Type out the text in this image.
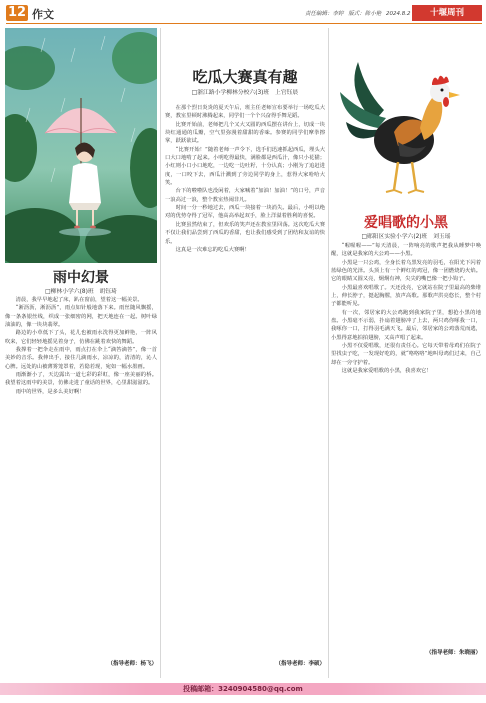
12 作文	责任编辑：李婷 版式：陈小艳 2024.8.2	十堰周刊
雨中幻景
□柳林小学六(8)班　胡钰琦

清晨，我早早地起了床，趴在窗前，望着这一幅美景。

“淅沥沥，淅沥沥”，雨点如针般地落下来。雨丝随风飘摇，像一条条银丝线，织成一张细密的网，把天地连在一起。树叶绿油油的，像一块块翡翠。

路边的小草低下了头，花儿也被雨水洗得更加鲜艳，一阵风吹来，它们轻轻地摇晃着身子，仿佛在跳着欢快的舞蹈。

我撑着一把伞走在雨中，雨点打在伞上“滴答滴答”，像一首美妙的音乐。我伸出手，接住几滴雨水，凉凉的，清清的，沁人心脾。远处的山被薄雾笼罩着，若隐若现，宛如一幅水墨画。

雨渐渐小了，天边露出一道七彩的彩虹，像一座美丽的桥。我望着这雨中的美景，仿佛走进了童话的世界，心里甜滋滋的。

雨中的世界，是多么美好啊！

（指导老师：杨飞）
吃瓜大赛真有趣
□浙江路小学柳林分校六(3)班　上官钰晨

在那个烈日炎炎的夏天午后，班主任老师宣布要举行一场吃瓜大赛，教室里顿时沸腾起来，同学们一个个兴奋得手舞足蹈。

比赛开始前，老师把几个又大又圆的西瓜摆在讲台上，切成一块块红通通的瓜瓣，空气里弥漫着甜甜的香味。参赛的同学们摩拳擦掌，跃跃欲试。

“比赛开始！”随着老师一声令下，选手们迅速抓起西瓜，埋头大口大口地啃了起来。小明吃得最快，满脸都是西瓜汁，像只小花猫；小红则小口小口地吃，一边吃一边吐籽，十分认真；小刚为了追赶进度，一口咬下去，西瓜汁溅到了旁边同学的身上，惹得大家哈哈大笑。

台下的啦啦队也没闲着，大家喊着“加油！加油！”的口号，声音一浪高过一浪，整个教室热闹非凡。

时间一分一秒地过去，西瓜一块接着一块消失。最后，小明以绝对的优势夺得了冠军，他高高举起双手，脸上洋溢着胜利的喜悦。

比赛虽然结束了，但欢乐的笑声还在教室里回荡。这次吃瓜大赛不仅让我们品尝到了西瓜的香甜，也让我们感受到了团结和友谊的快乐。

这真是一次难忘的吃瓜大赛啊！

（指导老师：李硕）
爱唱歌的小黑
□郧阳区实验小学六(2)班　刘玉瑶

“喔喔喔——”每天清晨，一阵响亮的歌声把我从睡梦中唤醒，这就是我家的大公鸡——小黑。

小黑是一只公鸡，全身长着乌黑发亮的羽毛，在阳光下闪着蓝绿色的光泽。头顶上有一个鲜红的鸡冠，像一团燃烧的火焰。它的眼睛又圆又亮，炯炯有神，尖尖的嘴巴像一把小钩子。

小黑最喜欢唱歌了。天还没亮，它就站在院子里最高的柴堆上，伸长脖子，挺起胸膛，放声高歌。那歌声洪亮悠长，整个村子都能听见。

有一次，邻居家的大公鸡跑到我家院子里，想抢小黑的地盘。小黑毫不示弱，扑扇着翅膀冲了上去，两只鸡你啄我一口，我啄你一口，打得羽毛满天飞。最后，邻居家的公鸡落荒而逃，小黑得意地拍拍翅膀，又高声唱了起来。

小黑不仅爱唱歌，还很有责任心。它每天带着母鸡们在院子里找虫子吃，一发现好吃的，就“咯咯咯”地叫母鸡们过来，自己却在一旁守护着。

这就是我家爱唱歌的小黑，我喜欢它！

（指导老师：朱晓丽）
投稿邮箱：3240904580@qq.com
